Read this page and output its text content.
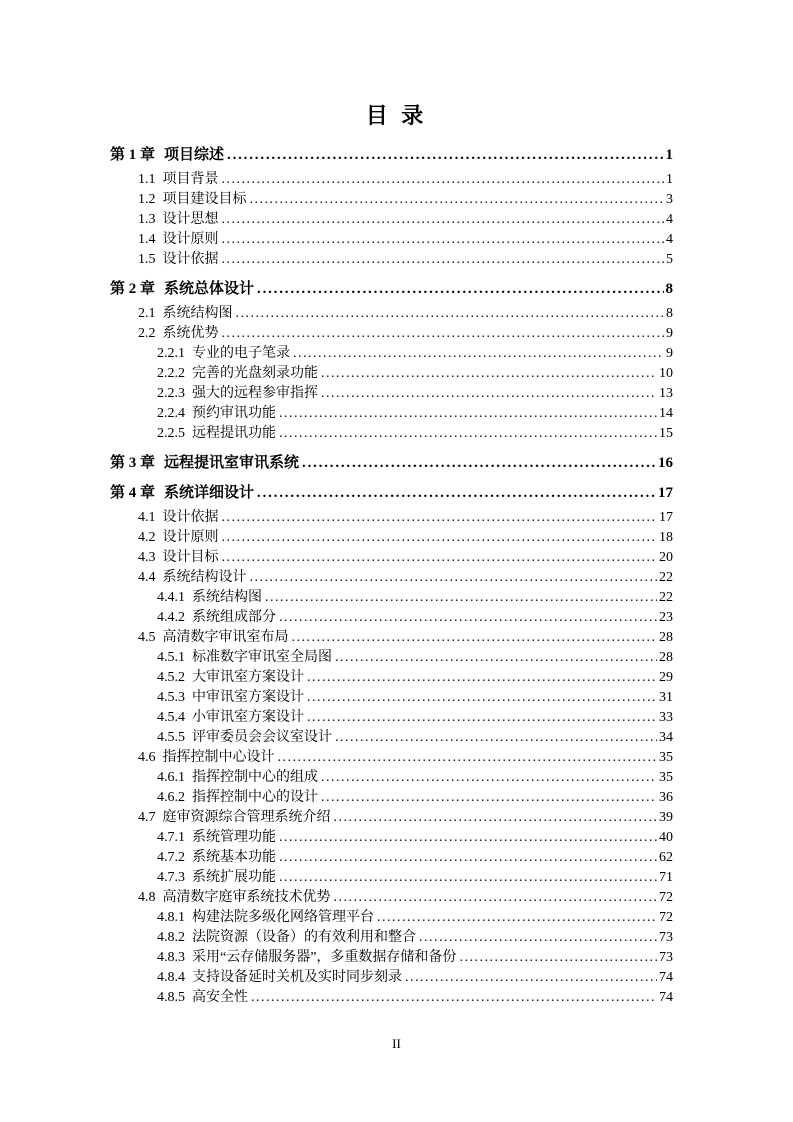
目 录
第 1 章 项目综述 .....	1
1.1 项目背景 .....	1
1.2 项目建设目标 .....	3
1.3 设计思想 .....	4
1.4 设计原则 .....	4
1.5 设计依据 .....	5
第 2 章 系统总体设计 .....	8
2.1 系统结构图 .....	8
2.2 系统优势 .....	9
2.2.1 专业的电子笔录 .....	9
2.2.2 完善的光盘刻录功能 .....	10
2.2.3 强大的远程参审指挥 .....	13
2.2.4 预约审讯功能 .....	14
2.2.5 远程提讯功能 .....	15
第 3 章 远程提讯室审讯系统 .....	16
第 4 章 系统详细设计 .....	17
4.1 设计依据 .....	17
4.2 设计原则 .....	18
4.3 设计目标 .....	20
4.4 系统结构设计 .....	22
4.4.1 系统结构图 .....	22
4.4.2 系统组成部分 .....	23
4.5 高清数字审讯室布局 .....	28
4.5.1 标准数字审讯室全局图 .....	28
4.5.2 大审讯室方案设计 .....	29
4.5.3 中审讯室方案设计 .....	31
4.5.4 小审讯室方案设计 .....	33
4.5.5 评审委员会会议室设计 .....	34
4.6 指挥控制中心设计 .....	35
4.6.1 指挥控制中心的组成 .....	35
4.6.2 指挥控制中心的设计 .....	36
4.7 庭审资源综合管理系统介绍 .....	39
4.7.1 系统管理功能 .....	40
4.7.2 系统基本功能 .....	62
4.7.3 系统扩展功能 .....	71
4.8 高清数字庭审系统技术优势 .....	72
4.8.1 构建法院多级化网络管理平台 .....	72
4.8.2 法院资源（设备）的有效利用和整合 .....	73
4.8.3 采用“云存储服务器”，多重数据存储和备份 .....	73
4.8.4 支持设备延时关机及实时同步刻录 .....	74
4.8.5 高安全性 .....	74
II
